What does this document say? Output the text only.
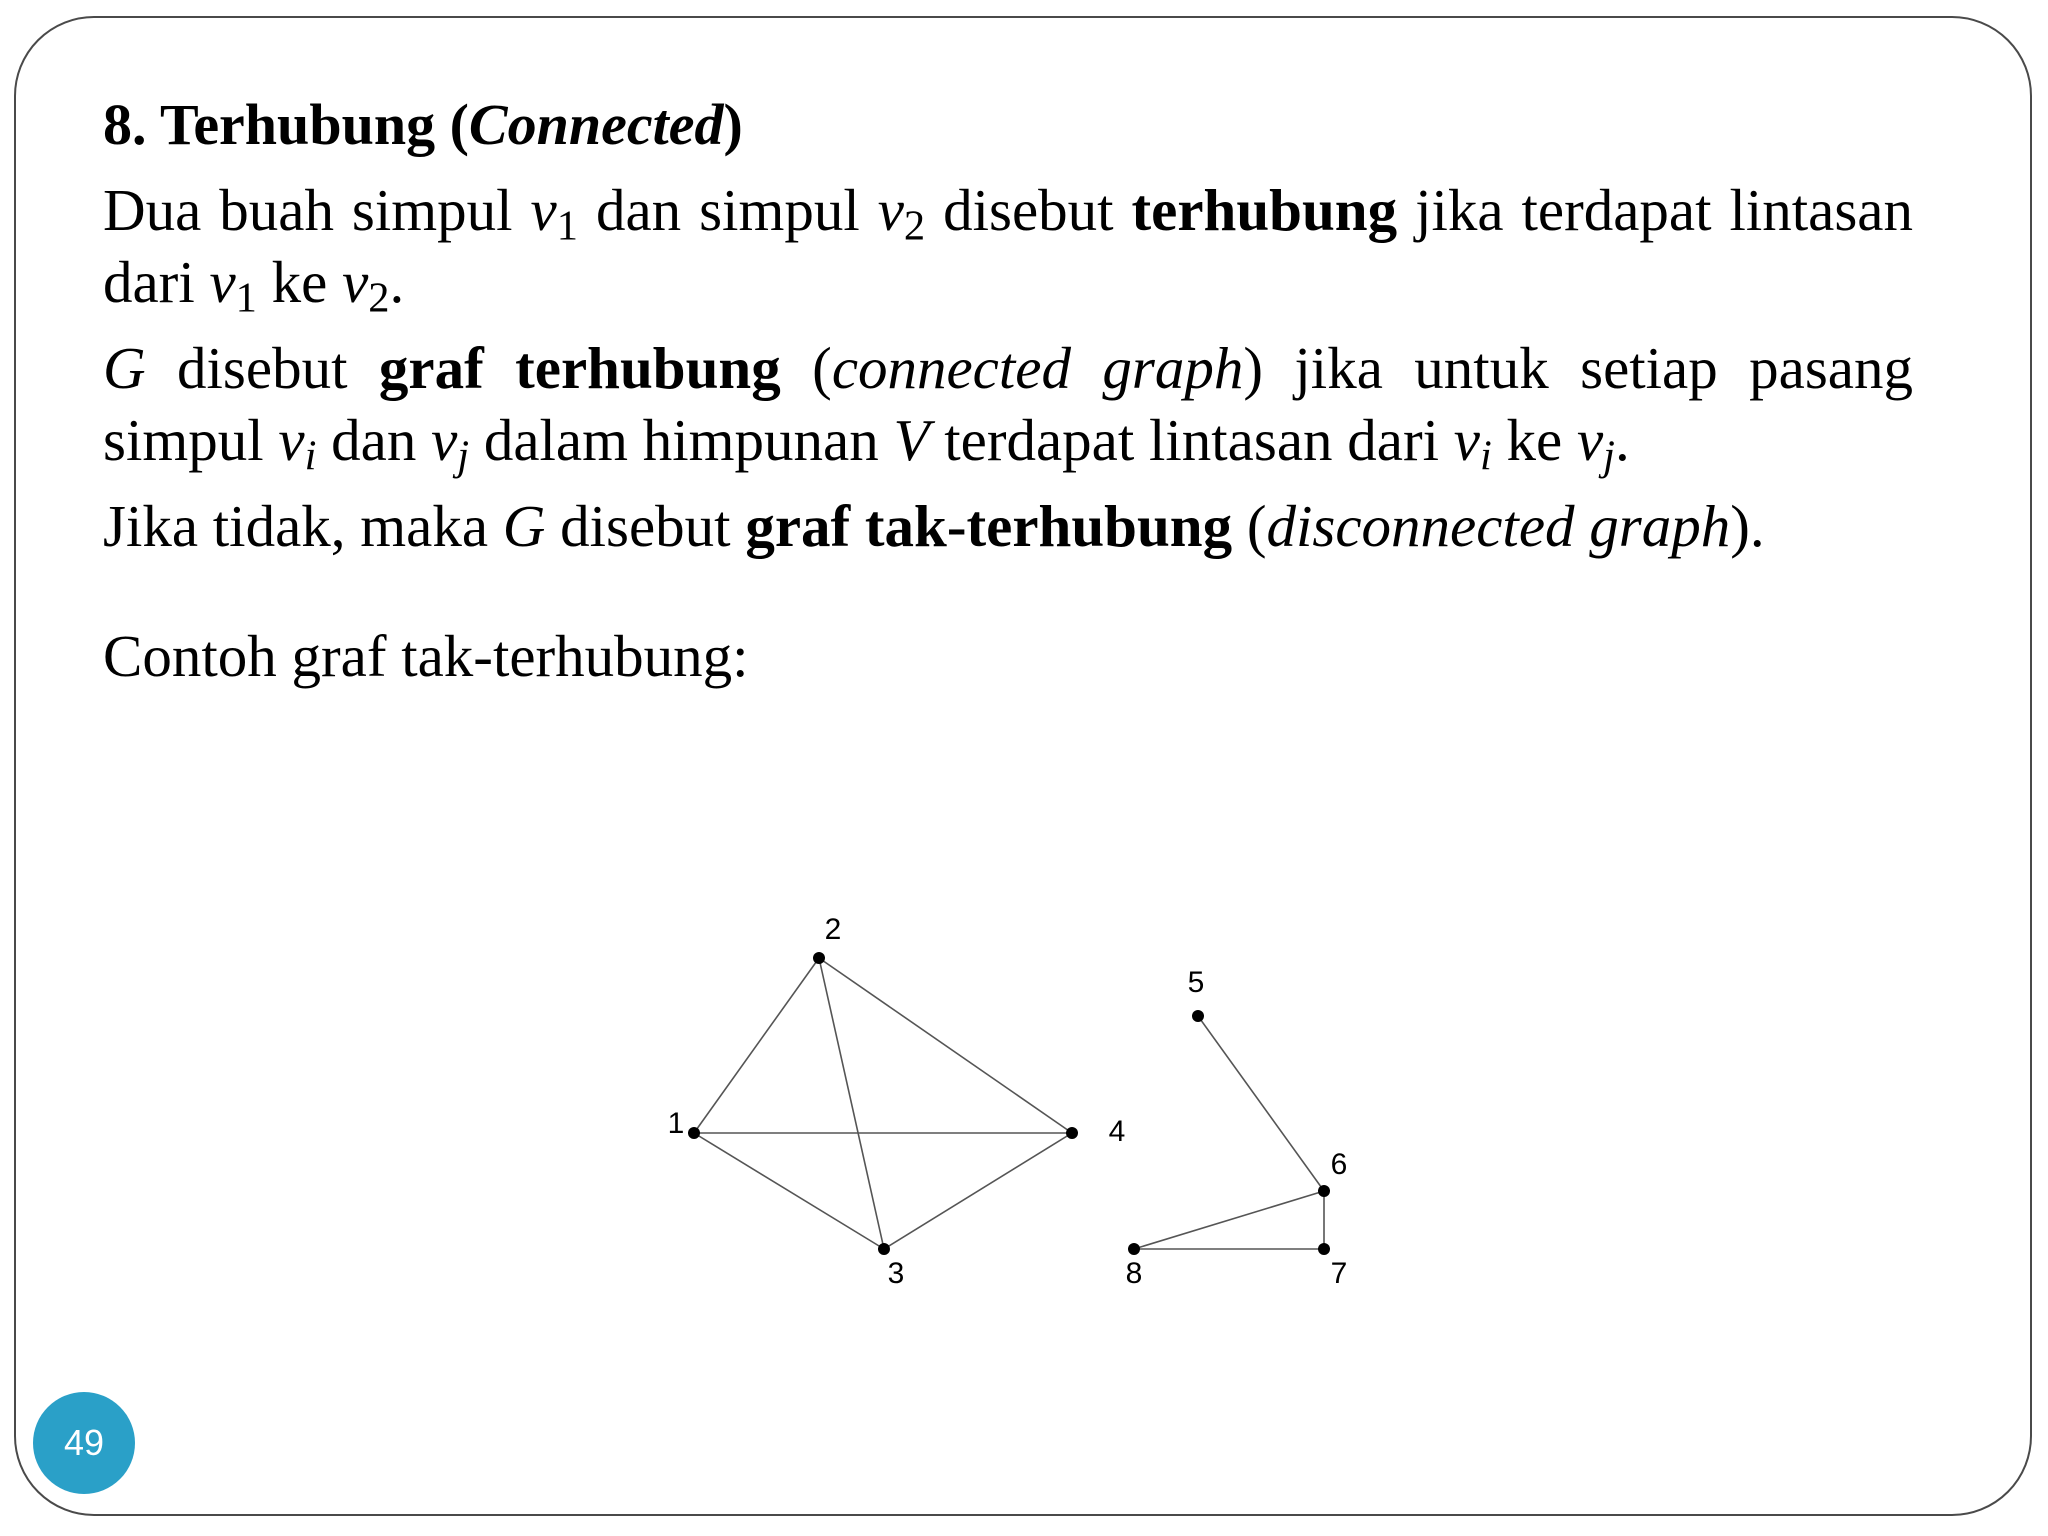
8. Terhubung (Connected)

Dua buah simpul $v_1$ dan simpul $v_2$ disebut terhubung jika terdapat lintasan dari $v_1$ ke $v_2$.

G disebut graf terhubung (connected graph) jika untuk setiap pasang simpul $v_i$ dan $v_j$ dalam himpunan V terdapat lintasan dari $v_i$ ke $v_j$.

Jika tidak, maka G disebut graf tak-terhubung (disconnected graph).

Contoh graf tak-terhubung:
1
2
3
4
5
6
7
8
49
